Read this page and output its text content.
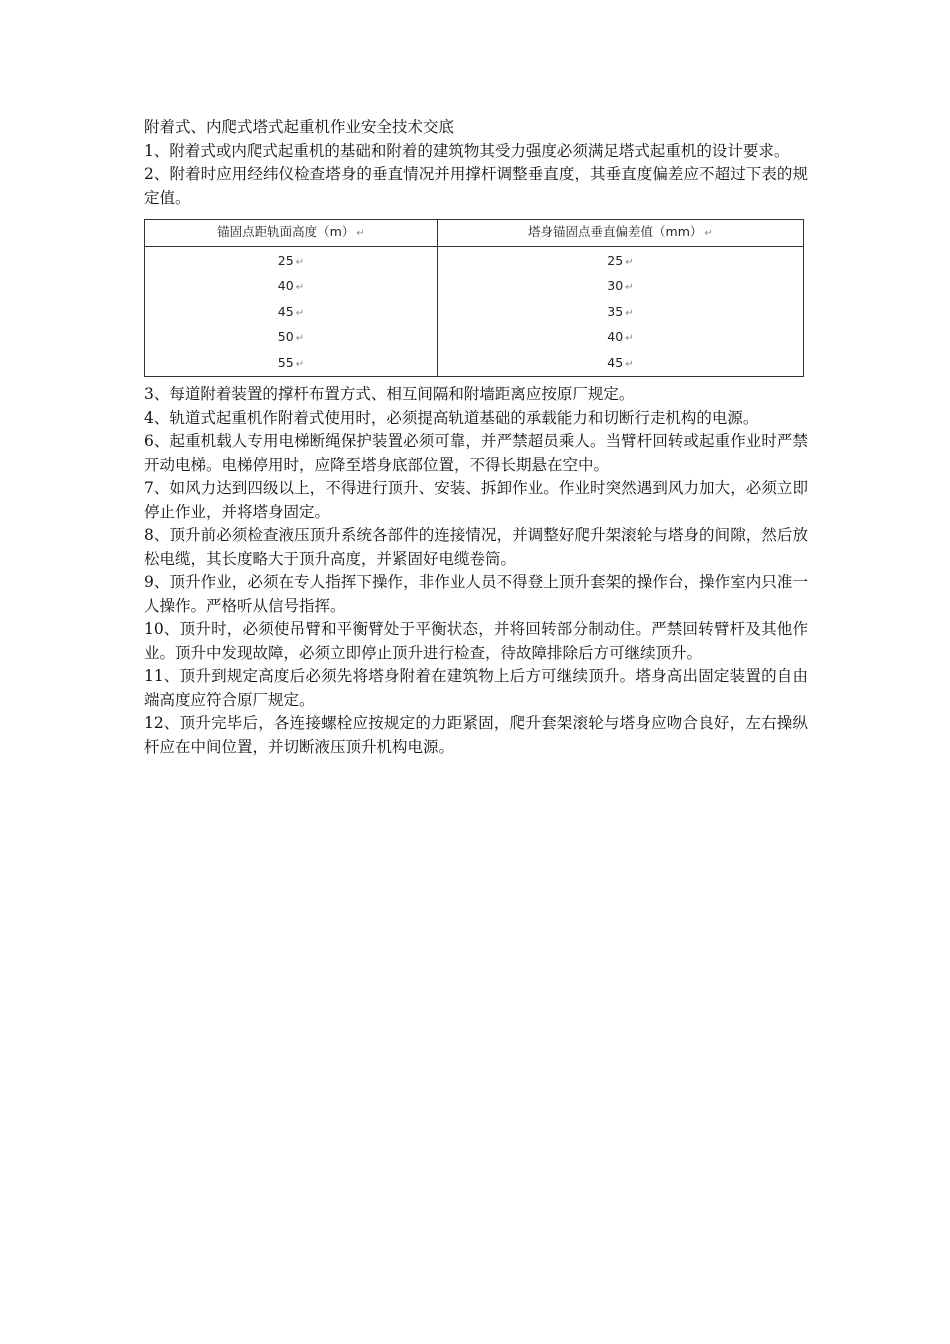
附着式、内爬式塔式起重机作业安全技术交底

1、附着式或内爬式起重机的基础和附着的建筑物其受力强度必须满足塔式起重机的设计要求。

2、附着时应用经纬仪检查塔身的垂直情况并用撑杆调整垂直度，其垂直度偏差应不超过下表的规定值。

锚固点距轨面高度（m） ↵	塔身锚固点垂直偏差值（mm） ↵
25 ↵	25 ↵
40 ↵	30 ↵
45 ↵	35 ↵
50 ↵	40 ↵
55 ↵	45 ↵

3、每道附着装置的撑杆布置方式、相互间隔和附墙距离应按原厂规定。

4、轨道式起重机作附着式使用时，必须提高轨道基础的承载能力和切断行走机构的电源。

6、起重机载人专用电梯断绳保护装置必须可靠，并严禁超员乘人。当臂杆回转或起重作业时严禁开动电梯。电梯停用时，应降至塔身底部位置，不得长期悬在空中。

7、如风力达到四级以上，不得进行顶升、安装、拆卸作业。作业时突然遇到风力加大，必须立即停止作业，并将塔身固定。

8、顶升前必须检查液压顶升系统各部件的连接情况，并调整好爬升架滚轮与塔身的间隙，然后放松电缆，其长度略大于顶升高度，并紧固好电缆卷筒。

9、顶升作业，必须在专人指挥下操作，非作业人员不得登上顶升套架的操作台，操作室内只准一人操作。严格听从信号指挥。

10、顶升时，必须使吊臂和平衡臂处于平衡状态，并将回转部分制动住。严禁回转臂杆及其他作业。顶升中发现故障，必须立即停止顶升进行检查，待故障排除后方可继续顶升。

11、顶升到规定高度后必须先将塔身附着在建筑物上后方可继续顶升。塔身高出固定装置的自由端高度应符合原厂规定。

12、顶升完毕后，各连接螺栓应按规定的力距紧固，爬升套架滚轮与塔身应吻合良好，左右操纵杆应在中间位置，并切断液压顶升机构电源。
